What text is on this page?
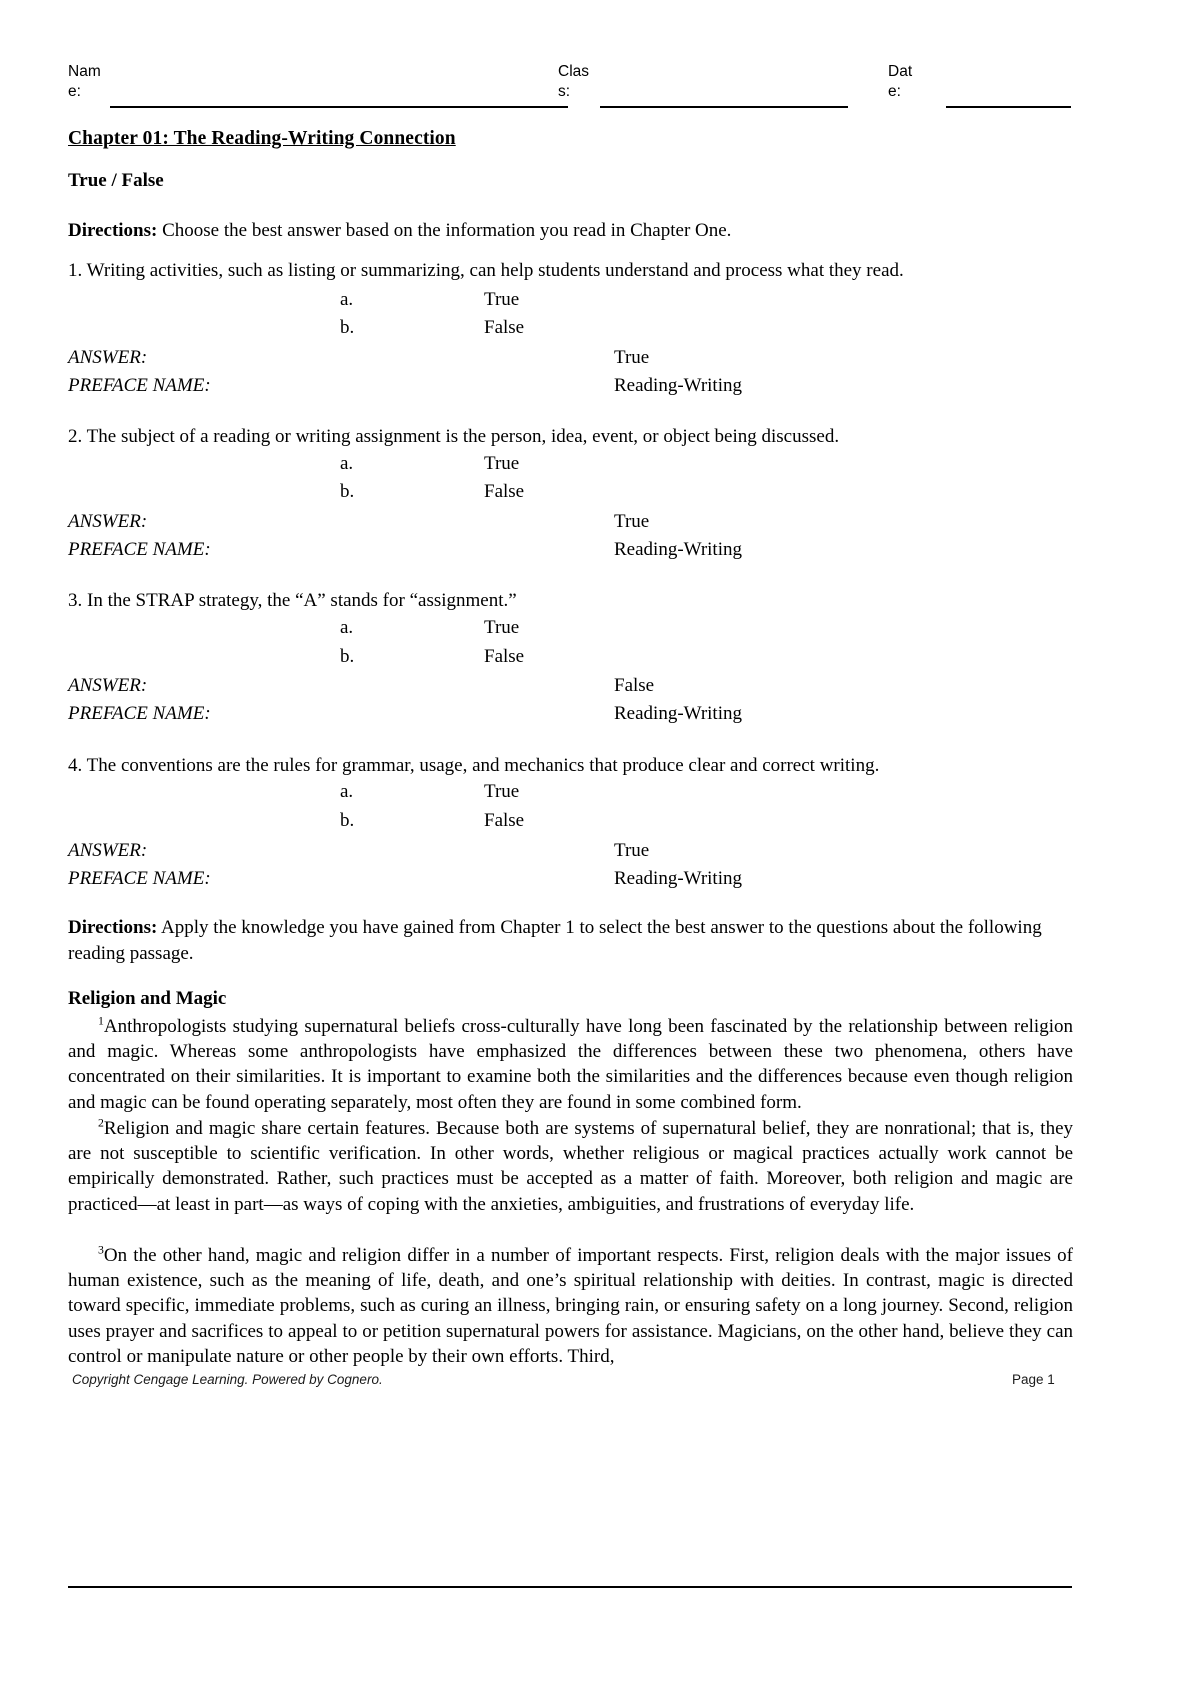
Name:
Class:
Date:
Chapter 01: The Reading-Writing Connection
True / False
Directions: Choose the best answer based on the information you read in Chapter One.
1. Writing activities, such as listing or summarizing, can help students understand and process what they read.
a.	True
b.	False
ANSWER:	True
PREFACE NAME:	Reading-Writing
2. The subject of a reading or writing assignment is the person, idea, event, or object being discussed.
a.	True
b.	False
ANSWER:	True
PREFACE NAME:	Reading-Writing
3. In the STRAP strategy, the “A” stands for “assignment.”
a.	True
b.	False
ANSWER:	False
PREFACE NAME:	Reading-Writing
4. The conventions are the rules for grammar, usage, and mechanics that produce clear and correct writing.
a.	True
b.	False
ANSWER:	True
PREFACE NAME:	Reading-Writing
Directions: Apply the knowledge you have gained from Chapter 1 to select the best answer to the questions about the following reading passage.
Religion and Magic
$^1$Anthropologists studying supernatural beliefs cross-culturally have long been fascinated by the relationship between religion and magic. Whereas some anthropologists have emphasized the differences between these two phenomena, others have concentrated on their similarities. It is important to examine both the similarities and the differences because even though religion and magic can be found operating separately, most often they are found in some combined form.
$^2$Religion and magic share certain features. Because both are systems of supernatural belief, they are nonrational; that is, they are not susceptible to scientific verification. In other words, whether religious or magical practices actually work cannot be empirically demonstrated. Rather, such practices must be accepted as a matter of faith. Moreover, both religion and magic are practiced—at least in part—as ways of coping with the anxieties, ambiguities, and frustrations of everyday life.
$^3$On the other hand, magic and religion differ in a number of important respects. First, religion deals with the major issues of human existence, such as the meaning of life, death, and one’s spiritual relationship with deities. In contrast, magic is directed toward specific, immediate problems, such as curing an illness, bringing rain, or ensuring safety on a long journey. Second, religion uses prayer and sacrifices to appeal to or petition supernatural powers for assistance. Magicians, on the other hand, believe they can control or manipulate nature or other people by their own efforts. Third,
Copyright Cengage Learning. Powered by Cognero.	Page 1
